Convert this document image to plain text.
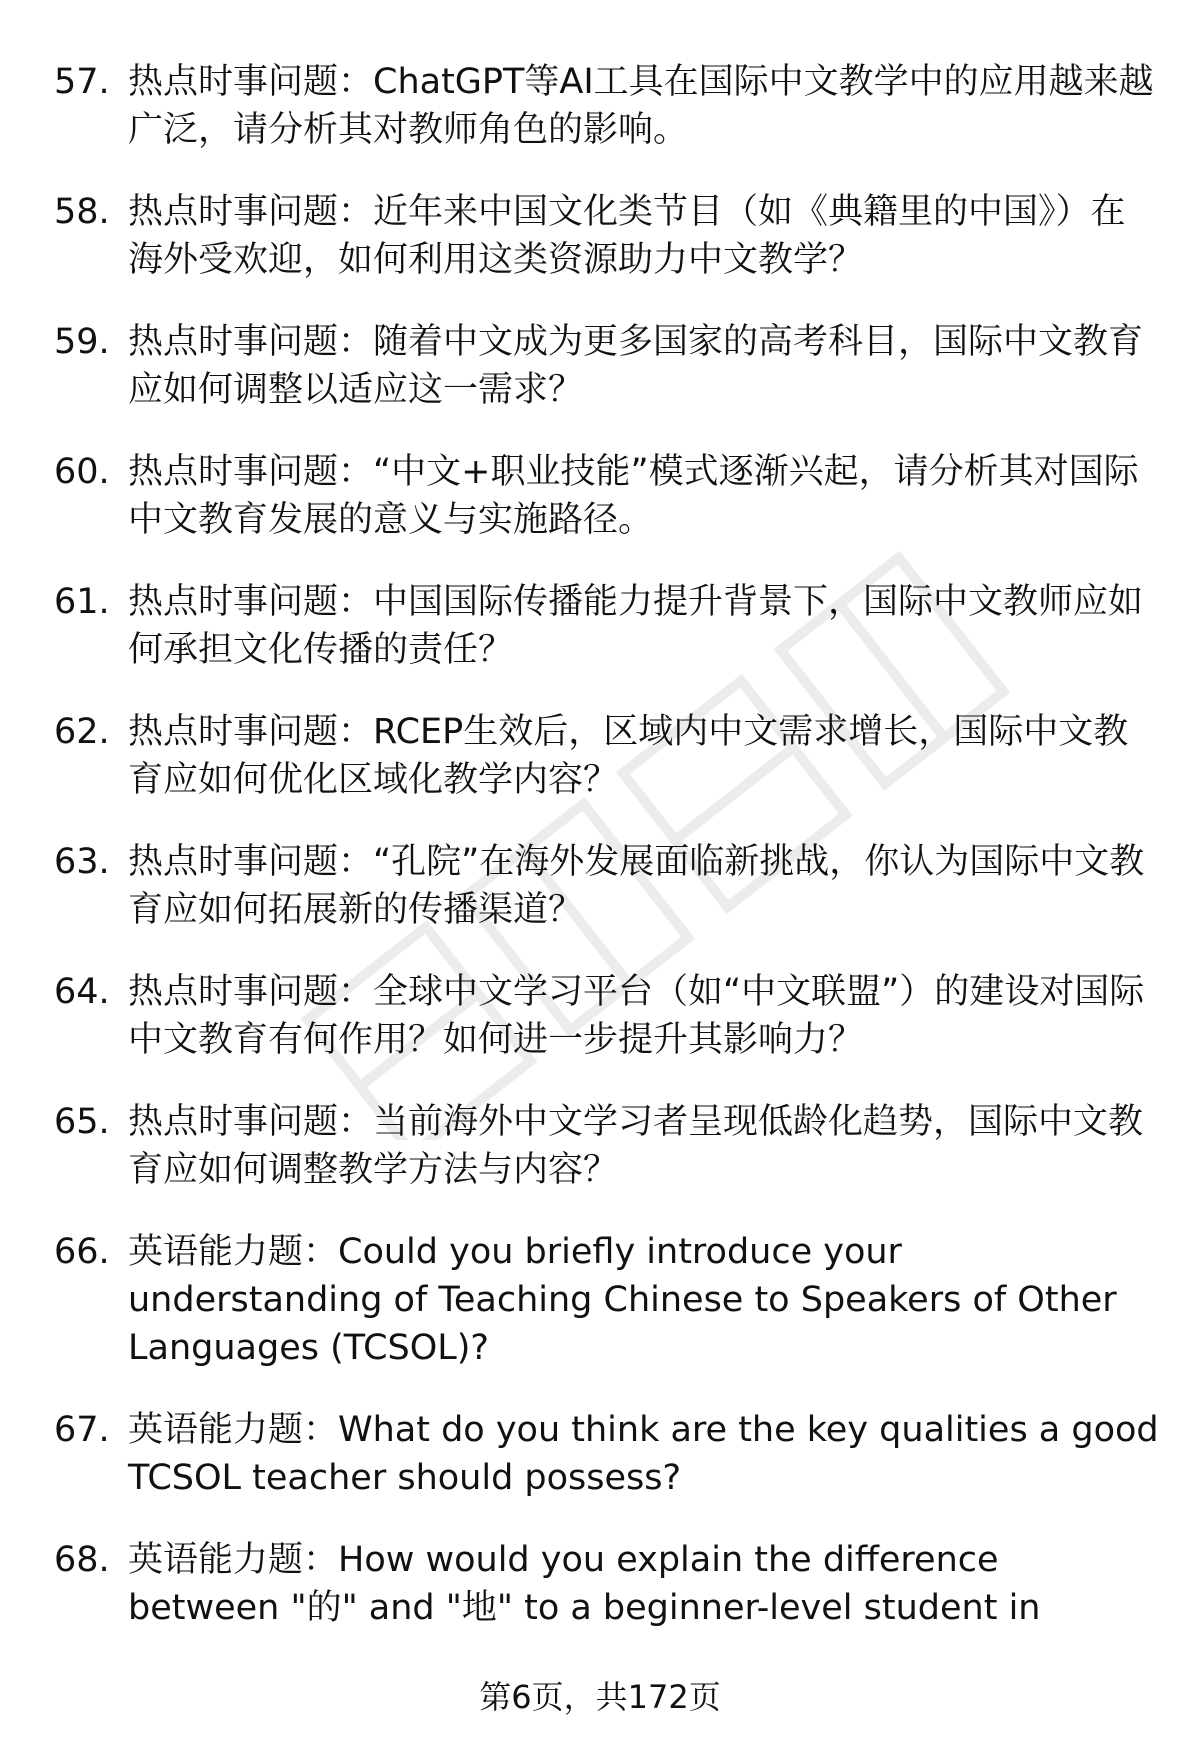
57. 热点时事问题：ChatGPT等AI工具在国际中文教学中的应用越来越广泛，请分析其对教师角色的影响。
58. 热点时事问题：近年来中国文化类节目（如《典籍里的中国》）在海外受欢迎，如何利用这类资源助力中文教学？
59. 热点时事问题：随着中文成为更多国家的高考科目，国际中文教育应如何调整以适应这一需求？
60. 热点时事问题：“中文+职业技能”模式逐渐兴起，请分析其对国际中文教育发展的意义与实施路径。
61. 热点时事问题：中国国际传播能力提升背景下，国际中文教师应如何承担文化传播的责任？
62. 热点时事问题：RCEP生效后，区域内中文需求增长，国际中文教育应如何优化区域化教学内容？
63. 热点时事问题：“孔院”在海外发展面临新挑战，你认为国际中文教育应如何拓展新的传播渠道？
64. 热点时事问题：全球中文学习平台（如“中文联盟”）的建设对国际中文教育有何作用？如何进一步提升其影响力？
65. 热点时事问题：当前海外中文学习者呈现低龄化趋势，国际中文教育应如何调整教学方法与内容？
66. 英语能力题：Could you briefly introduce your understanding of Teaching Chinese to Speakers of Other Languages (TCSOL)?
67. 英语能力题：What do you think are the key qualities a good TCSOL teacher should possess?
68. 英语能力题：How would you explain the difference between "的" and "地" to a beginner-level student in
第6页，共172页
